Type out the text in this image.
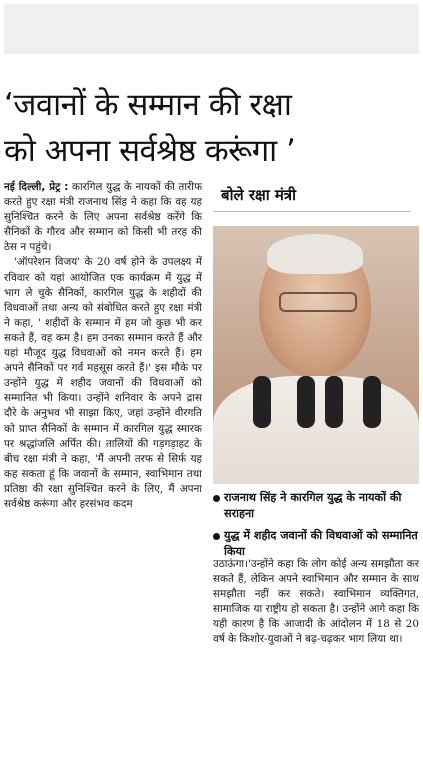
‘जवानों के सम्मान की रक्षा
को अपना सर्वश्रेष्ठ करूंगा ’

नई दिल्ली, प्रेट्र : कारगिल युद्ध के नायकों की तारीफ करते हुए रक्षा मंत्री राजनाथ सिंह ने कहा कि वह यह सुनिश्चित करने के लिए अपना सर्वश्रेष्ठ करेंगे कि सैनिकों के गौरव और सम्मान को किसी भी तरह की ठेस न पहुंचे।

'ऑपरेशन विजय' के 20 वर्ष होने के उपलक्ष्य में रविवार को यहां आयोजित एक कार्यक्रम में युद्ध में भाग ले चुके सैनिकों, कारगिल युद्ध के शहीदों की विधवाओं तथा अन्य को संबोधित करते हुए रक्षा मंत्री ने कहा, ' शहीदों के सम्मान में हम जो कुछ भी कर सकते हैं, वह कम है। हम उनका सम्मान करते हैं और यहां मौजूद युद्ध विधवाओं को नमन करते हैं। हम अपने सैनिकों पर गर्व महसूस करते हैं।' इस मौके पर उन्होंने युद्ध में शहीद जवानों की विधवाओं को सम्मानित भी किया। उन्होंने शनिवार के अपने द्रास दौरे के अनुभव भी साझा किए, जहां उन्होंने वीरगति को प्राप्त सैनिकों के सम्मान में कारगिल युद्ध स्मारक पर श्रद्धांजलि अर्पित की। तालियों की गड़गड़ाहट के बीच रक्षा मंत्री ने कहा, 'मैं अपनी तरफ से सिर्फ यह कह सकता हूं कि जवानों के सम्मान, स्वाभिमान तथा प्रतिष्ठा की रक्षा सुनिश्चित करने के लिए, मैं अपना सर्वश्रेष्ठ करूंगा और हरसंभव कदम

बोले रक्षा मंत्री
राजनाथ सिंह ने कारगिल युद्ध के नायकों की सराहना
युद्ध में शहीद जवानों की विधवाओं को सम्मानित किया

उठाऊंगा।'उन्होंने कहा कि लोग कोई अन्य समझौता कर सकते हैं, लेकिन अपने स्वाभिमान और सम्मान के साथ समझौता नहीं कर सकते। स्वाभिमान व्यक्तिगत, सामाजिक या राष्ट्रीय हो सकता है। उन्होंने आगे कहा कि यही कारण है कि आजादी के आंदोलन में 18 से 20 वर्ष के किशोर-युवाओं ने बढ़-चढ़कर भाग लिया था।
